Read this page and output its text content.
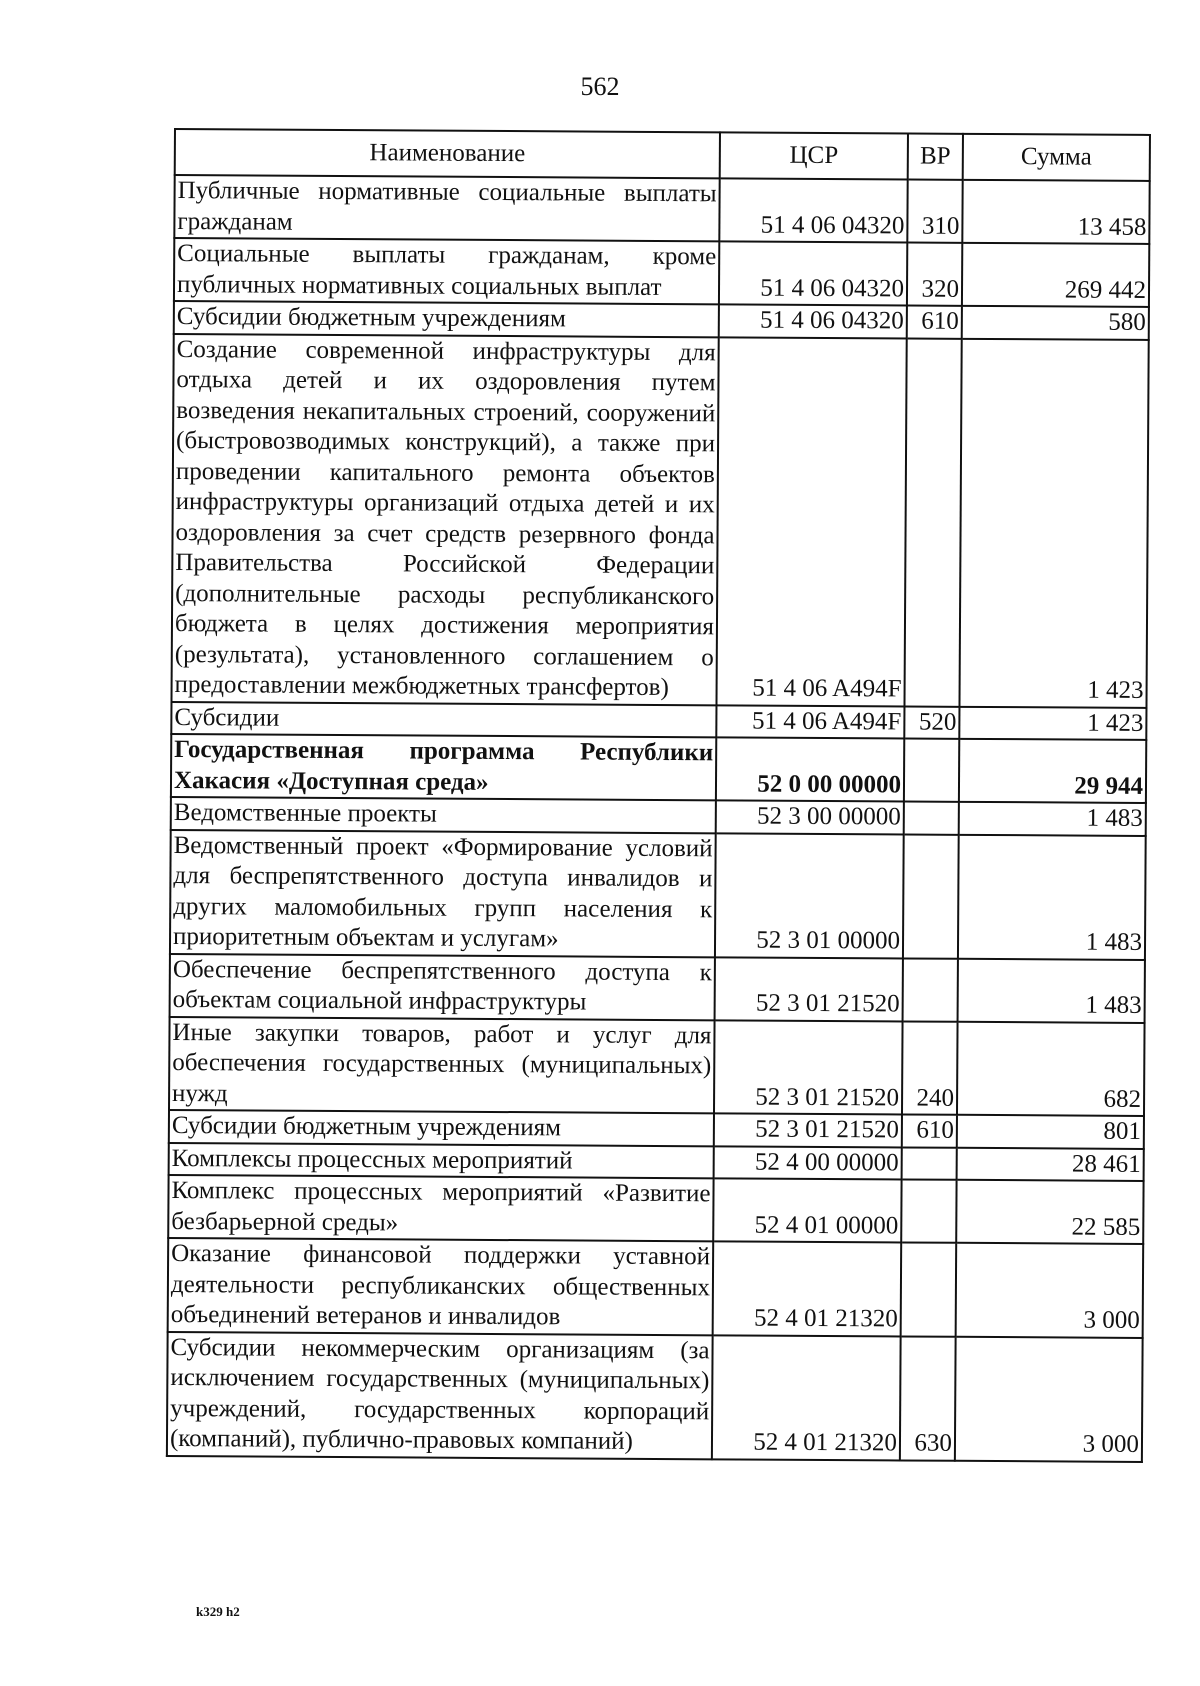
562
Наименование	ЦСР	ВР	Сумма
Публичные нормативные социальные выплаты гражданам	51 4 06 04320	310	13 458
Социальные выплаты гражданам, кроме публичных нормативных социальных выплат	51 4 06 04320	320	269 442
Субсидии бюджетным учреждениям	51 4 06 04320	610	580
Создание современной инфраструктуры для отдыха детей и их оздоровления путем возведения некапитальных строений, сооружений (быстровозводимых конструкций), а также при проведении капитального ремонта объектов инфраструктуры организаций отдыха детей и их оздоровления за счет средств резервного фонда Правительства Российской Федерации (дополнительные расходы республиканского бюджета в целях достижения мероприятия (результата), установленного соглашением о предоставлении межбюджетных трансфертов)	51 4 06 A494F		1 423
Субсидии	51 4 06 A494F	520	1 423
Государственная программа Республики Хакасия «Доступная среда»	52 0 00 00000		29 944
Ведомственные проекты	52 3 00 00000		1 483
Ведомственный проект «Формирование условий для беспрепятственного доступа инвалидов и других маломобильных групп населения к приоритетным объектам и услугам»	52 3 01 00000		1 483
Обеспечение беспрепятственного доступа к объектам социальной инфраструктуры	52 3 01 21520		1 483
Иные закупки товаров, работ и услуг для обеспечения государственных (муниципальных) нужд	52 3 01 21520	240	682
Субсидии бюджетным учреждениям	52 3 01 21520	610	801
Комплексы процессных мероприятий	52 4 00 00000		28 461
Комплекс процессных мероприятий «Развитие безбарьерной среды»	52 4 01 00000		22 585
Оказание финансовой поддержки уставной деятельности республиканских общественных объединений ветеранов и инвалидов	52 4 01 21320		3 000
Субсидии некоммерческим организациям (за исключением государственных (муниципальных) учреждений, государственных корпораций (компаний), публично-правовых компаний)	52 4 01 21320	630	3 000
k329 h2
